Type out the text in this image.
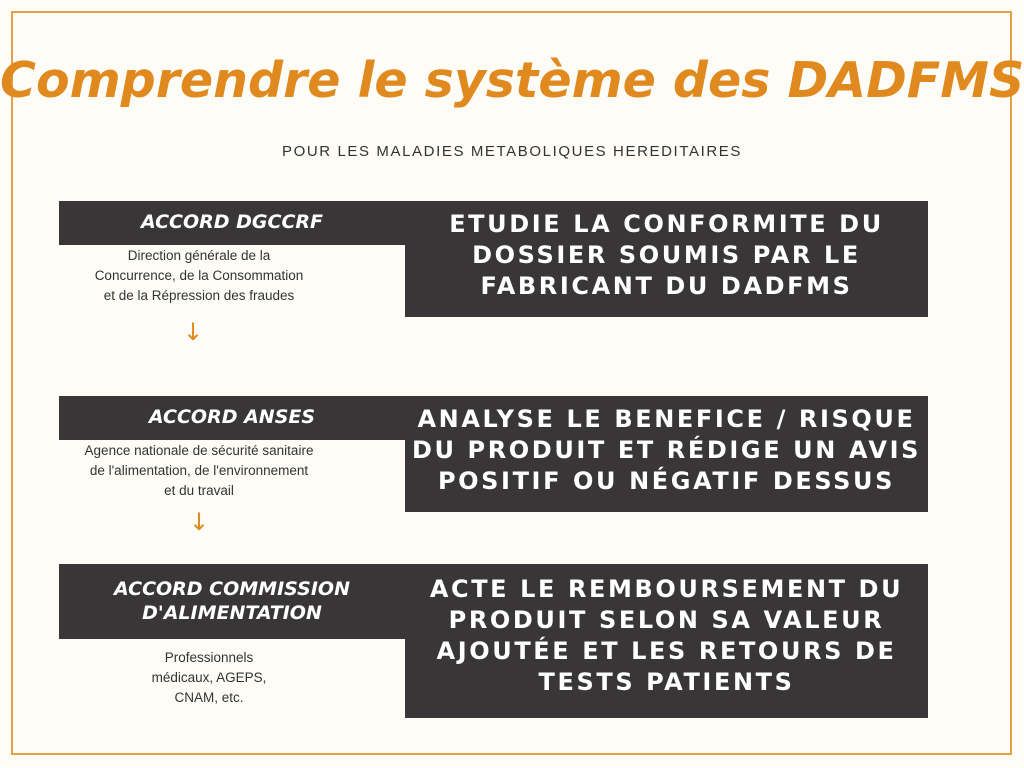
Comprendre le système des DADFMS
POUR LES MALADIES METABOLIQUES HEREDITAIRES
ACCORD DGCCRF
Direction générale de la
Concurrence, de la Consommation
et de la Répression des fraudes
↓
ETUDIE LA CONFORMITE DU
DOSSIER SOUMIS PAR LE
FABRICANT DU DADFMS
ACCORD ANSES
Agence nationale de sécurité sanitaire
de l'alimentation, de l'environnement
et du travail
↓
ANALYSE LE BENEFICE / RISQUE
DU PRODUIT ET RÉDIGE UN AVIS
POSITIF OU NÉGATIF DESSUS
ACCORD COMMISSION
D'ALIMENTATION
Professionnels
médicaux, AGEPS,
CNAM, etc.
ACTE LE REMBOURSEMENT DU
PRODUIT SELON SA VALEUR
AJOUTÉE ET LES RETOURS DE
TESTS PATIENTS
